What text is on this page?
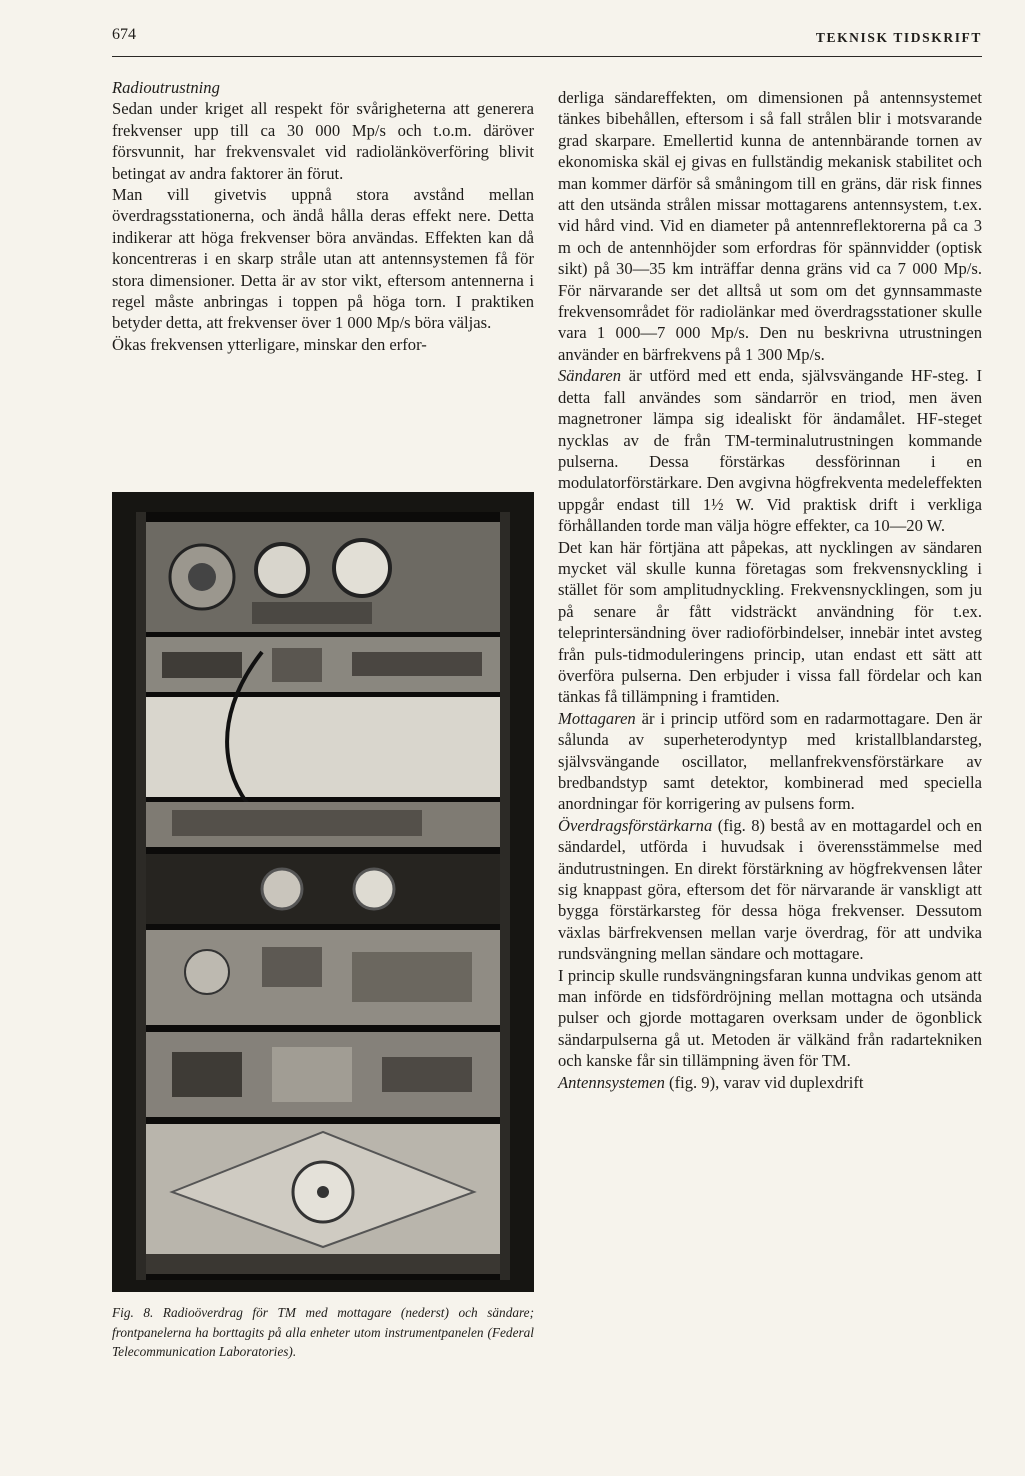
674	TEKNISK TIDSKRIFT

Radioutrustning

Sedan under kriget all respekt för svårigheterna att generera frekvenser upp till ca 30 000 Mp/s och t.o.m. däröver försvunnit, har frekvensvalet vid radiolänköverföring blivit betingat av andra faktorer än förut.

Man vill givetvis uppnå stora avstånd mellan överdragsstationerna, och ändå hålla deras effekt nere. Detta indikerar att höga frekvenser böra användas. Effekten kan då koncentreras i en skarp stråle utan att antennsystemen få för stora dimensioner. Detta är av stor vikt, eftersom antennerna i regel måste anbringas i toppen på höga torn. I praktiken betyder detta, att frekvenser över 1 000 Mp/s böra väljas.

Ökas frekvensen ytterligare, minskar den erfor-

Fig. 8. Radioöverdrag för TM med mottagare (nederst) och sändare; frontpanelerna ha borttagits på alla enheter utom instrumentpanelen (Federal Telecommunication Laboratories).

derliga sändareffekten, om dimensionen på antennsystemet tänkes bibehållen, eftersom i så fall strålen blir i motsvarande grad skarpare. Emellertid kunna de antennbärande tornen av ekonomiska skäl ej givas en fullständig mekanisk stabilitet och man kommer därför så småningom till en gräns, där risk finnes att den utsända strålen missar mottagarens antennsystem, t.ex. vid hård vind. Vid en diameter på antennreflektorerna på ca 3 m och de antennhöjder som erfordras för spännvidder (optisk sikt) på 30—35 km inträffar denna gräns vid ca 7 000 Mp/s. För närvarande ser det alltså ut som om det gynnsammaste frekvensområdet för radiolänkar med överdragsstationer skulle vara 1 000—7 000 Mp/s. Den nu beskrivna utrustningen använder en bärfrekvens på 1 300 Mp/s.

Sändaren är utförd med ett enda, självsvängande HF-steg. I detta fall användes som sändarrör en triod, men även magnetroner lämpa sig idealiskt för ändamålet. HF-steget nycklas av de från TM-terminalutrustningen kommande pulserna. Dessa förstärkas dessförinnan i en modulatorförstärkare. Den avgivna högfrekventa medeleffekten uppgår endast till 1½ W. Vid praktisk drift i verkliga förhållanden torde man välja högre effekter, ca 10—20 W.

Det kan här förtjäna att påpekas, att nycklingen av sändaren mycket väl skulle kunna företagas som frekvensnyckling i stället för som amplitudnyckling. Frekvensnycklingen, som ju på senare år fått vidsträckt användning för t.ex. teleprintersändning över radioförbindelser, innebär intet avsteg från puls-tidmoduleringens princip, utan endast ett sätt att överföra pulserna. Den erbjuder i vissa fall fördelar och kan tänkas få tillämpning i framtiden.

Mottagaren är i princip utförd som en radarmottagare. Den är sålunda av superheterodyntyp med kristallblandarsteg, självsvängande oscillator, mellanfrekvensförstärkare av bredbandstyp samt detektor, kombinerad med speciella anordningar för korrigering av pulsens form.

Överdragsförstärkarna (fig. 8) bestå av en mottagardel och en sändardel, utförda i huvudsak i överensstämmelse med ändutrustningen. En direkt förstärkning av högfrekvensen låter sig knappast göra, eftersom det för närvarande är vanskligt att bygga förstärkarsteg för dessa höga frekvenser. Dessutom växlas bärfrekvensen mellan varje överdrag, för att undvika rundsvängning mellan sändare och mottagare.

I princip skulle rundsvängningsfaran kunna undvikas genom att man införde en tidsfördröjning mellan mottagna och utsända pulser och gjorde mottagaren overksam under de ögonblick sändarpulserna gå ut. Metoden är välkänd från radartekniken och kanske får sin tillämpning även för TM.

Antennsystemen (fig. 9), varav vid duplexdrift
